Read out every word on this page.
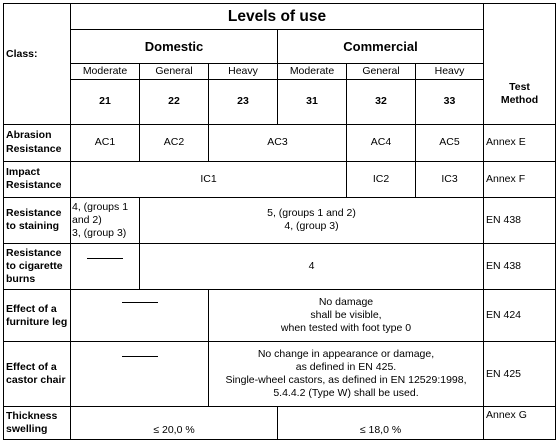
Class:	Levels of use						Test Method
	Domestic			Commercial			
	Moderate	General	Heavy	Moderate	General	Heavy	
	21	22	23	31	32	33	
Abrasion Resistance	AC1	AC2	AC3		AC4	AC5	Annex E
Impact Resistance	IC1				IC2	IC3	Annex F
Resistance to staining	4, (groups 1
and 2)
3, (group 3)	5, (groups 1 and 2)
4, (group 3)					EN 438
Resistance to cigarette burns		4					EN 438
Effect of a furniture leg			No damage
shall be visible,
when tested with foot type 0				EN 424
Effect of a castor chair			No change in appearance or damage,
as defined in EN 425.
Single-wheel castors, as defined in EN 12529:1998,
5.4.4.2 (Type W) shall be used.				EN 425
Thickness swelling	≤ 20,0 %			≤ 18,0 %			Annex G
